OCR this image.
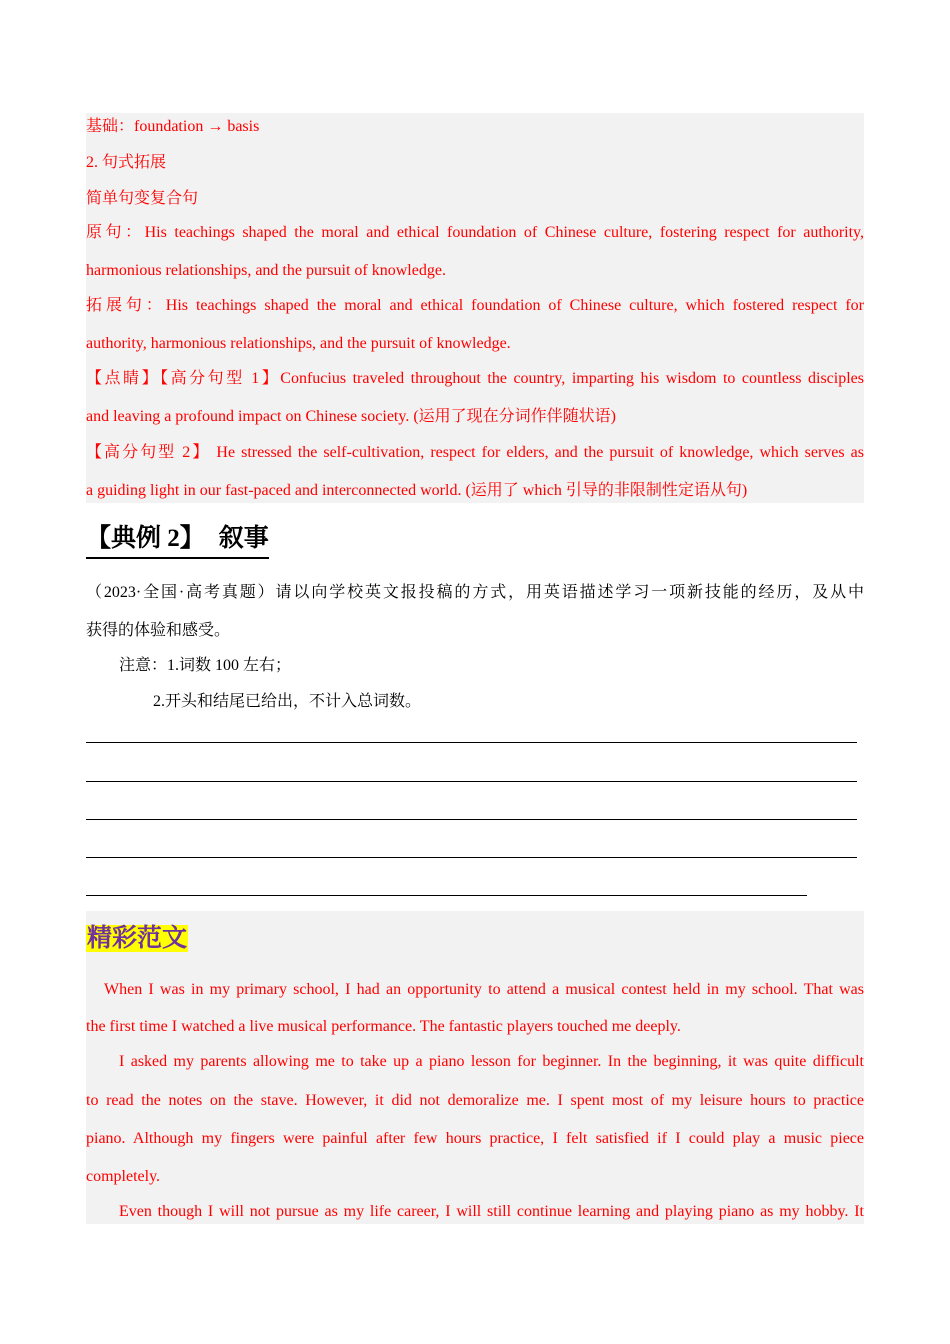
基础：foundation → basis
2. 句式拓展
简单句变复合句
原句：His teachings shaped the moral and ethical foundation of Chinese culture, fostering respect for authority,
harmonious relationships, and the pursuit of knowledge.
拓展句：His teachings shaped the moral and ethical foundation of Chinese culture, which fostered respect for
authority, harmonious relationships, and the pursuit of knowledge.
【点睛】【高分句型 1】Confucius traveled throughout the country, imparting his wisdom to countless disciples
and leaving a profound impact on Chinese society. (运用了现在分词作伴随状语)
【高分句型 2】 He stressed the self-cultivation, respect for elders, and the pursuit of knowledge, which serves as
a guiding light in our fast-paced and interconnected world. (运用了 which 引导的非限制性定语从句)
【典例 2】 叙事
（2023·全国·高考真题）请以向学校英文报投稿的方式，用英语描述学习一项新技能的经历，及从中
获得的体验和感受。
注意：1.词数 100 左右；
2.开头和结尾已给出，不计入总词数。
精彩范文
When I was in my primary school, I had an opportunity to attend a musical contest held in my school. That was
the first time I watched a live musical performance. The fantastic players touched me deeply.
I asked my parents allowing me to take up a piano lesson for beginner. In the beginning, it was quite difficult
to read the notes on the stave. However, it did not demoralize me. I spent most of my leisure hours to practice
piano. Although my fingers were painful after few hours practice, I felt satisfied if I could play a music piece
completely.
Even though I will not pursue as my life career, I will still continue learning and playing piano as my hobby. It
